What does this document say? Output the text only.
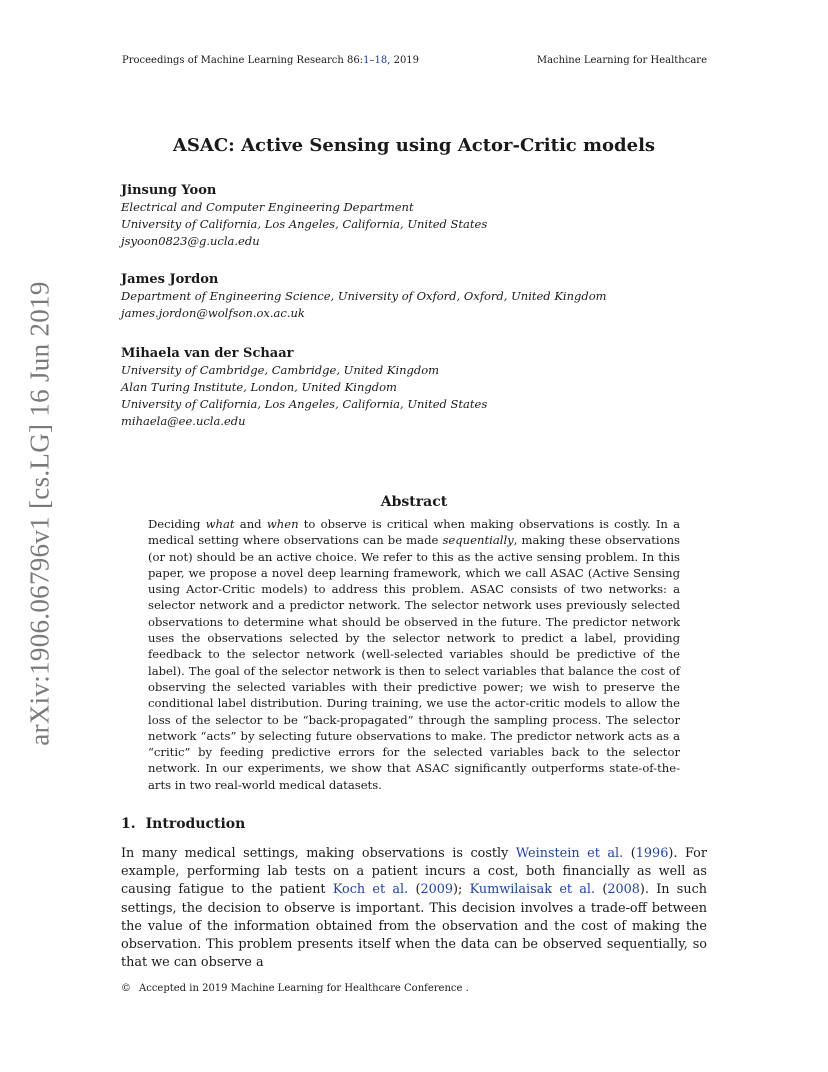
Proceedings of Machine Learning Research 86:1–18, 2019	Machine Learning for Healthcare
arXiv:1906.06796v1 [cs.LG] 16 Jun 2019
ASAC: Active Sensing using Actor-Critic models
Jinsung Yoon
Electrical and Computer Engineering Department
University of California, Los Angeles, California, United States
jsyoon0823@g.ucla.edu
James Jordon
Department of Engineering Science, University of Oxford, Oxford, United Kingdom
james.jordon@wolfson.ox.ac.uk
Mihaela van der Schaar
University of Cambridge, Cambridge, United Kingdom
Alan Turing Institute, London, United Kingdom
University of California, Los Angeles, California, United States
mihaela@ee.ucla.edu
Abstract
Deciding what and when to observe is critical when making observations is costly. In a medical setting where observations can be made sequentially, making these observations (or not) should be an active choice. We refer to this as the active sensing problem. In this paper, we propose a novel deep learning framework, which we call ASAC (Active Sensing using Actor-Critic models) to address this problem. ASAC consists of two networks: a selector network and a predictor network. The selector network uses previously selected observations to determine what should be observed in the future. The predictor network uses the observations selected by the selector network to predict a label, providing feedback to the selector network (well-selected variables should be predictive of the label). The goal of the selector network is then to select variables that balance the cost of observing the selected variables with their predictive power; we wish to preserve the conditional label distribution. During training, we use the actor-critic models to allow the loss of the selector to be “back-propagated” through the sampling process. The selector network “acts” by selecting future observations to make. The predictor network acts as a “critic” by feeding predictive errors for the selected variables back to the selector network. In our experiments, we show that ASAC significantly outperforms state-of-the-arts in two real-world medical datasets.
1. Introduction
In many medical settings, making observations is costly Weinstein et al. (1996). For example, performing lab tests on a patient incurs a cost, both financially as well as causing fatigue to the patient Koch et al. (2009); Kumwilaisak et al. (2008). In such settings, the decision to observe is important. This decision involves a trade-off between the value of the information obtained from the observation and the cost of making the observation. This problem presents itself when the data can be observed sequentially, so that we can observe a
© Accepted in 2019 Machine Learning for Healthcare Conference .
